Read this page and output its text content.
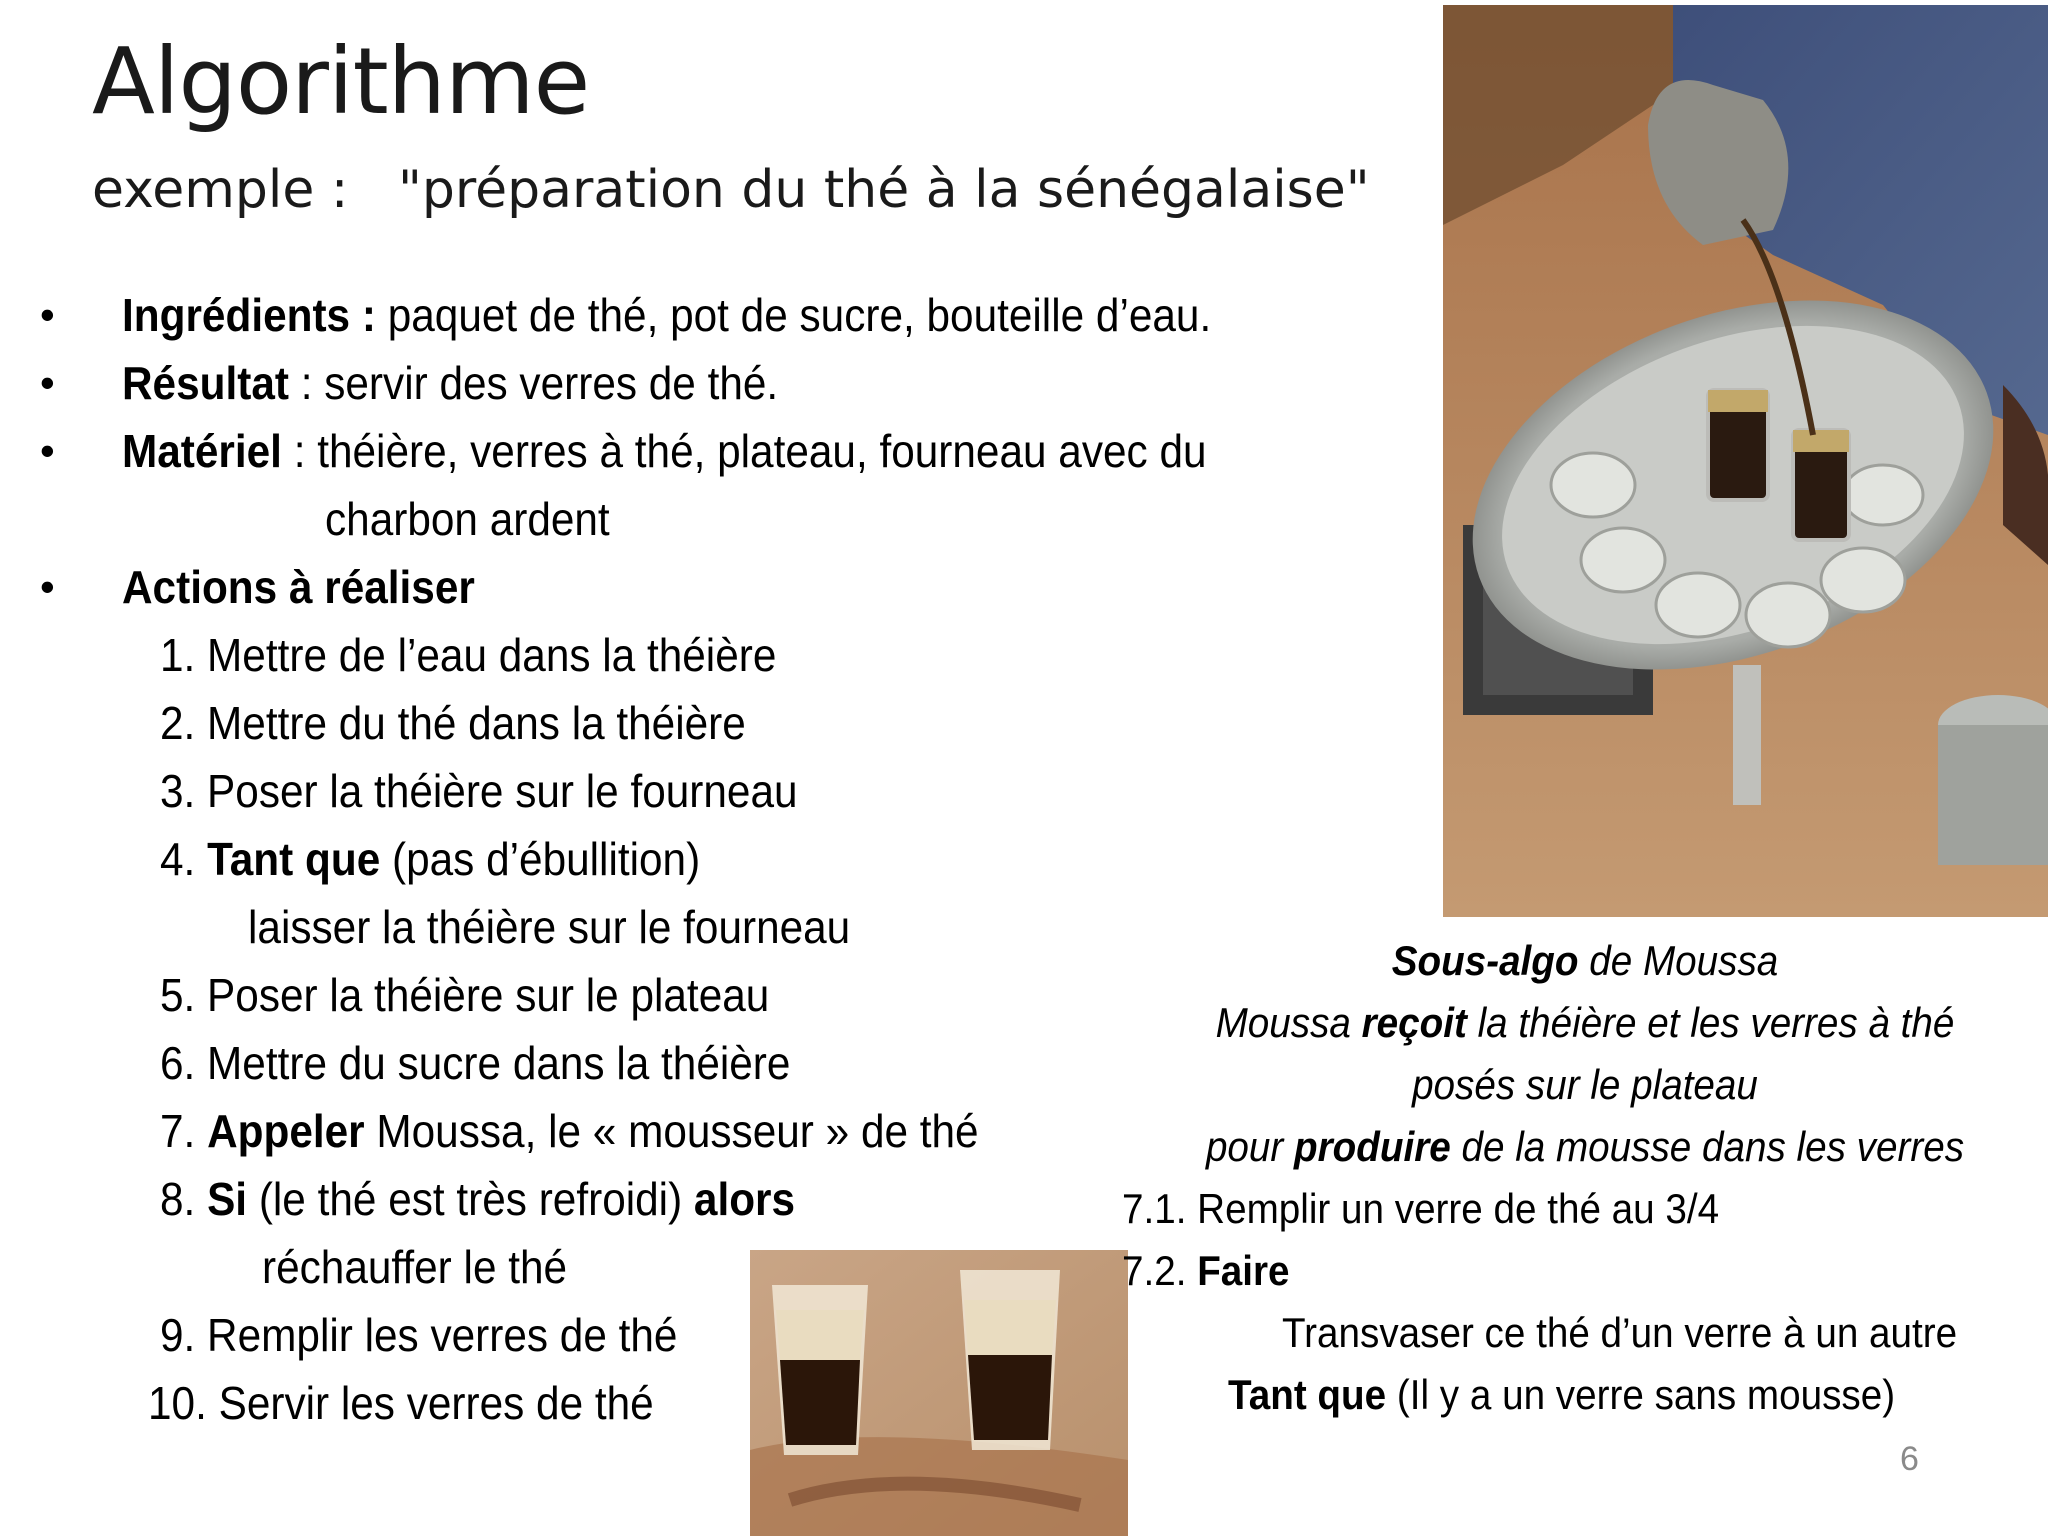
Algorithme
exemple :   "préparation du thé à la sénégalaise"
• Ingrédients : paquet de thé, pot de sucre, bouteille d’eau.
• Résultat : servir des verres de thé.
• Matériel : théière, verres à thé, plateau, fourneau avec du
charbon ardent
• Actions à réaliser
1. Mettre de l’eau dans la théière
2. Mettre du thé dans la théière
3. Poser la théière sur le fourneau
4. Tant que (pas d’ébullition)
laisser la théière sur le fourneau
5. Poser la théière sur le plateau
6. Mettre du sucre dans la théière
7. Appeler Moussa, le « mousseur » de thé
8. Si (le thé est très refroidi) alors
réchauffer le thé
9. Remplir les verres de thé
10. Servir les verres de thé
Sous-algo de Moussa
Moussa reçoit la théière et les verres à thé
posés sur le plateau
pour produire de la mousse dans les verres
7.1. Remplir un verre de thé au 3/4
7.2. Faire
Transvaser ce thé d’un verre à un autre
Tant que (Il y a un verre sans mousse)
6
